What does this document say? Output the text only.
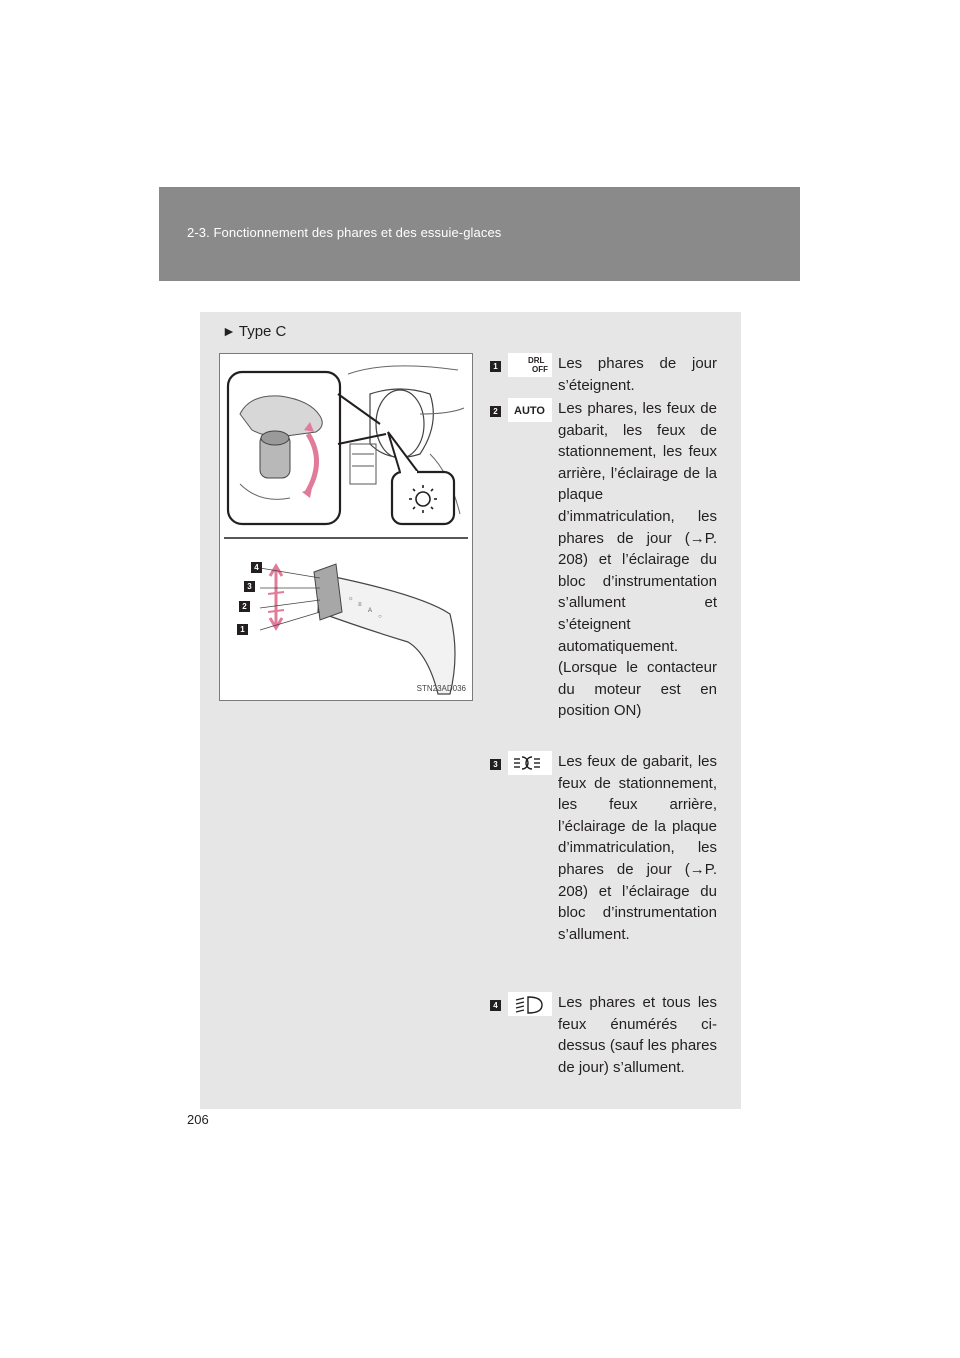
2-3. Fonctionnement des phares et des essuie-glaces
► Type C
☼
≡
A
○
4
3
2
1
STN23AD036
1
DRL
OFF Les phares de jour s’éteignent.
2 AUTO Les phares, les feux de gabarit, les feux de stationnement, les feux arrière, l’éclairage de la plaque d’immatriculation, les phares de jour (→P. 208) et l’éclairage du bloc d’instrumentation s’allument et s’éteignent automatiquement. (Lorsque le contacteur du moteur est en position ON)
3	Les feux de gabarit, les feux de stationnement, les feux arrière, l’éclairage de la plaque d’immatriculation, les phares de jour (→P. 208) et l’éclairage du bloc d’instrumentation s’allument.
4	Les phares et tous les feux énumérés ci-dessus (sauf les phares de jour) s’allument.
206
